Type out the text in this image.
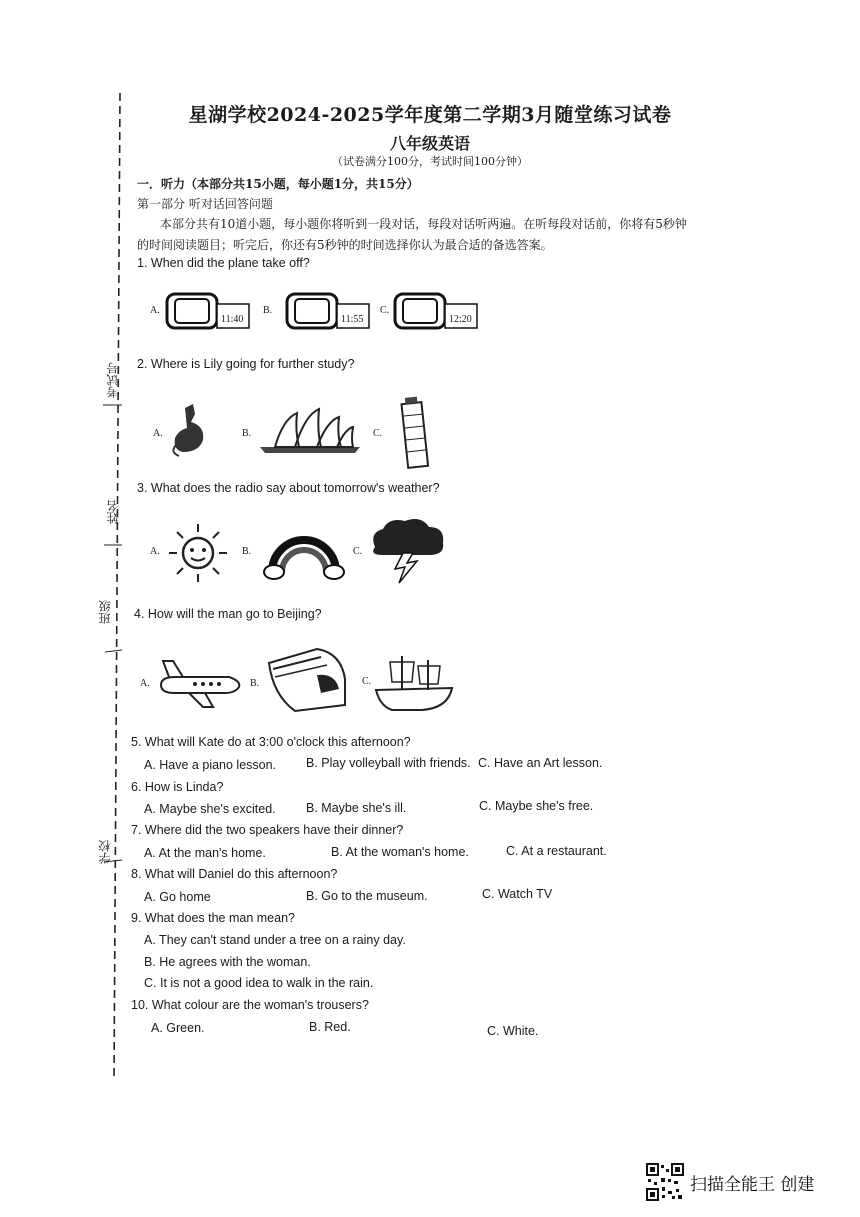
考试号
姓名
班级
学校
星湖学校2024-2025学年度第二学期3月随堂练习试卷
八年级英语
（试卷满分100分，考试时间100分钟）
一．听力（本部分共15小题，每小题1分，共15分）
第一部分 听对话回答问题
本部分共有10道小题，每小题你将听到一段对话，每段对话听两遍。在听每段对话前，你将有5秒钟
的时间阅读题目；听完后，你还有5秒钟的时间选择你认为最合适的备选答案。
1. When did the plane take off?
A.	B.	C.
11:40	11:55	12:20
2. Where is Lily going for further study?
A.	B.	C.
3. What does the radio say about tomorrow's weather?
A.	B.	C.
4. How will the man go to Beijing?
A.	B.	C.
5. What will Kate do at 3:00 o'clock this afternoon?
A. Have a piano lesson. B. Play volleyball with friends. C. Have an Art lesson.
6. How is Linda?
A. Maybe she's excited. B. Maybe she's ill.	C. Maybe she's free.
7. Where did the two speakers have their dinner?
A. At the man's home.	B. At the woman's home.	C. At a restaurant.
8. What will Daniel do this afternoon?
A. Go home	B. Go to the museum.	C. Watch TV
9. What does the man mean?
A. They can't stand under a tree on a rainy day.
B. He agrees with the woman.
C. It is not a good idea to walk in the rain.
10. What colour are the woman's trousers?
A. Green.	B. Red.	C. White.
扫描全能王 创建
